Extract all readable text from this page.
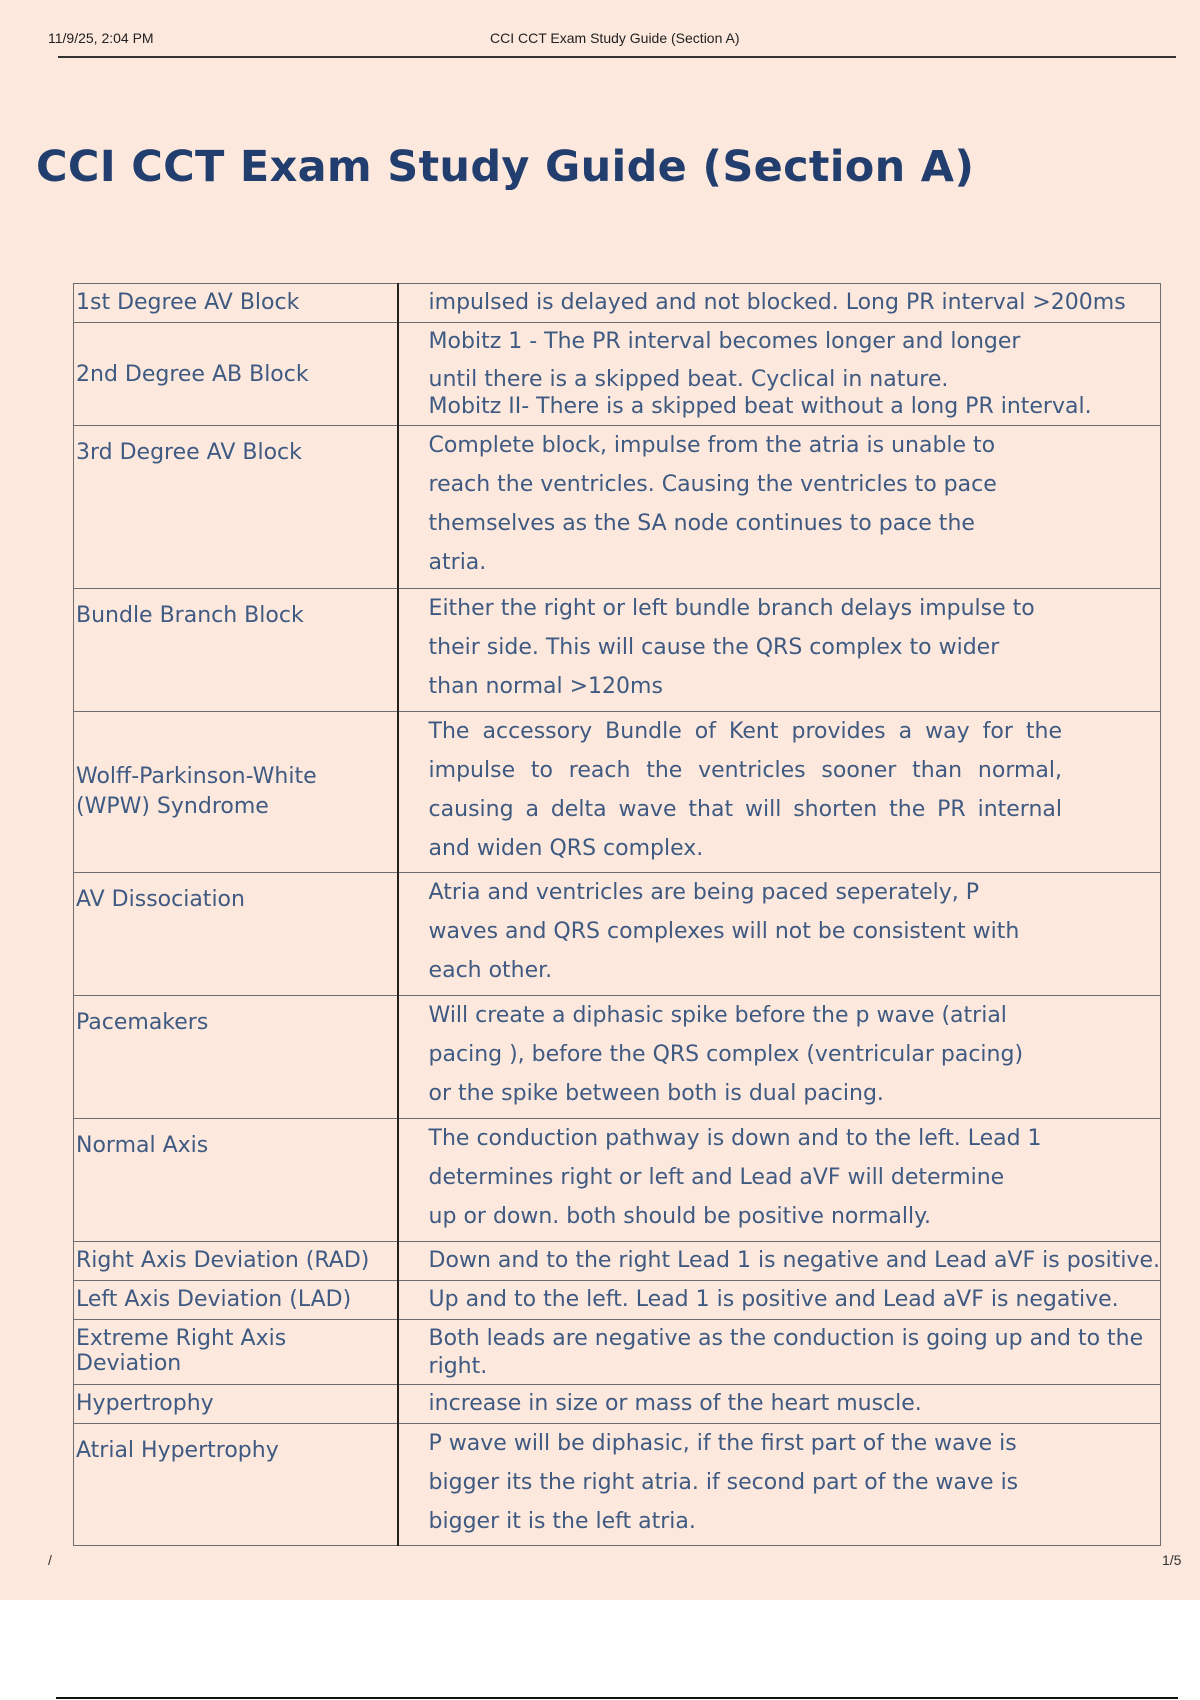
11/9/25, 2:04 PM	CCI CCT Exam Study Guide (Section A)
CCI CCT Exam Study Guide (Section A)
1st Degree AV Block	impulsed is delayed and not blocked. Long PR interval >200ms

2nd Degree AB Block	Mobitz 1 - The PR interval becomes longer and longer
until there is a skipped beat. Cyclical in nature.
Mobitz II- There is a skipped beat without a long PR interval.

3rd Degree AV Block	Complete block, impulse from the atria is unable to
reach the ventricles. Causing the ventricles to pace
themselves as the SA node continues to pace the
atria.

Bundle Branch Block	Either the right or left bundle branch delays impulse to
their side. This will cause the QRS complex to wider
than normal >120ms

Wolff-Parkinson-White (WPW) Syndrome	The accessory Bundle of Kent provides a way for the
impulse to reach the ventricles sooner than normal,
causing a delta wave that will shorten the PR internal
and widen QRS complex.

AV Dissociation	Atria and ventricles are being paced seperately, P
waves and QRS complexes will not be consistent with
each other.

Pacemakers	Will create a diphasic spike before the p wave (atrial
pacing ), before the QRS complex (ventricular pacing)
or the spike between both is dual pacing.

Normal Axis	The conduction pathway is down and to the left. Lead 1
determines right or left and Lead aVF will determine
up or down. both should be positive normally.

Right Axis Deviation (RAD)	Down and to the right Lead 1 is negative and Lead aVF is positive.

Left Axis Deviation (LAD)	Up and to the left. Lead 1 is positive and Lead aVF is negative.

Extreme Right Axis Deviation	Both leads are negative as the conduction is going up and to the
right.

Hypertrophy	increase in size or mass of the heart muscle.

Atrial Hypertrophy	P wave will be diphasic, if the first part of the wave is
bigger its the right atria. if second part of the wave is
bigger it is the left atria.
/	1/5
